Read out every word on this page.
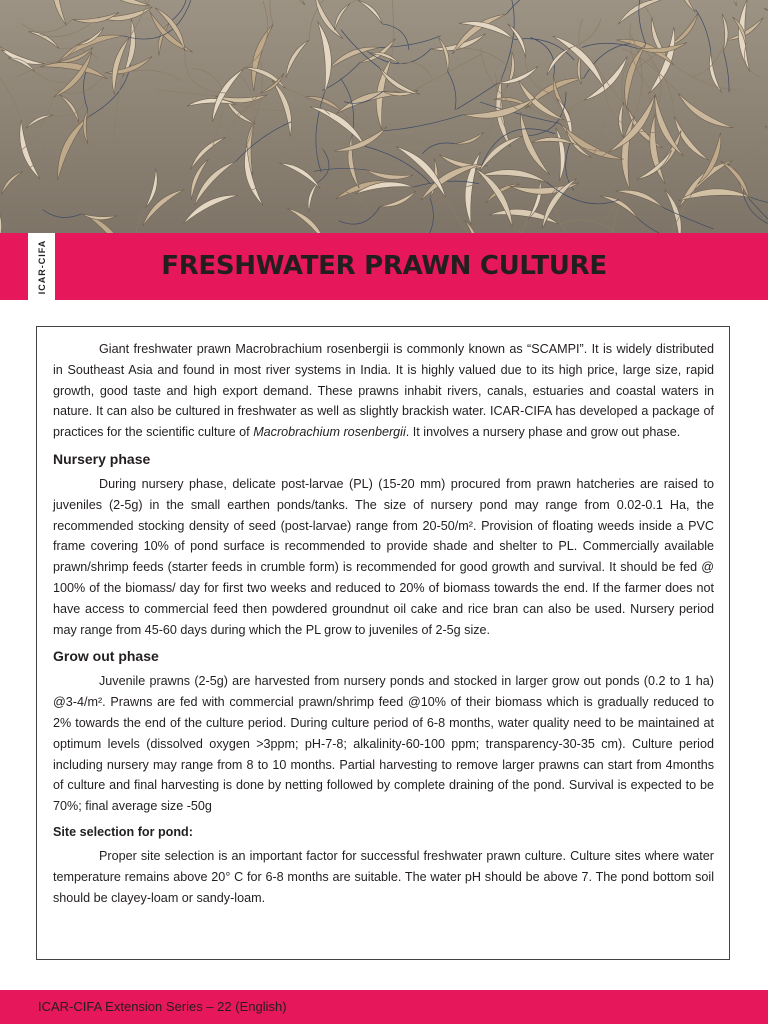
ICAR-CIFA	FRESHWATER PRAWN CULTURE

Giant freshwater prawn Macrobrachium rosenbergii is commonly known as “SCAMPI”. It is widely distributed in Southeast Asia and found in most river systems in India. It is highly valued due to its high price, large size, rapid growth, good taste and high export demand. These prawns inhabit rivers, canals, estuaries and coastal waters in nature. It can also be cultured in freshwater as well as slightly brackish water. ICAR-CIFA has developed a package of practices for the scientific culture of Macrobrachium rosenbergii. It involves a nursery phase and grow out phase.

Nursery phase

During nursery phase, delicate post-larvae (PL) (15-20 mm) procured from prawn hatcheries are raised to juveniles (2-5g) in the small earthen ponds/tanks. The size of nursery pond may range from 0.02-0.1 Ha, the recommended stocking density of seed (post-larvae) range from 20-50/m². Provision of floating weeds inside a PVC frame covering 10% of pond surface is recommended to provide shade and shelter to PL. Commercially available prawn/shrimp feeds (starter feeds in crumble form) is recommended for good growth and survival. It should be fed @ 100% of the biomass/ day for first two weeks and reduced to 20% of biomass towards the end. If the farmer does not have access to commercial feed then powdered groundnut oil cake and rice bran can also be used. Nursery period may range from 45-60 days during which the PL grow to juveniles of 2-5g size.

Grow out phase

Juvenile prawns (2-5g) are harvested from nursery ponds and stocked in larger grow out ponds (0.2 to 1 ha) @3-4/m². Prawns are fed with commercial prawn/shrimp feed @10% of their biomass which is gradually reduced to 2% towards the end of the culture period. During culture period of 6-8 months, water quality need to be maintained at optimum levels (dissolved oxygen >3ppm; pH-7-8; alkalinity-60-100 ppm; transparency-30-35 cm). Culture period including nursery may range from 8 to 10 months. Partial harvesting to remove larger prawns can start from 4months of culture and final harvesting is done by netting followed by complete draining of the pond. Survival is expected to be 70%; final average size -50g

Site selection for pond:

Proper site selection is an important factor for successful freshwater prawn culture. Culture sites where water temperature remains above 20° C for 6-8 months are suitable. The water pH should be above 7. The pond bottom soil should be clayey-loam or sandy-loam.

ICAR-CIFA Extension Series – 22 (English)
